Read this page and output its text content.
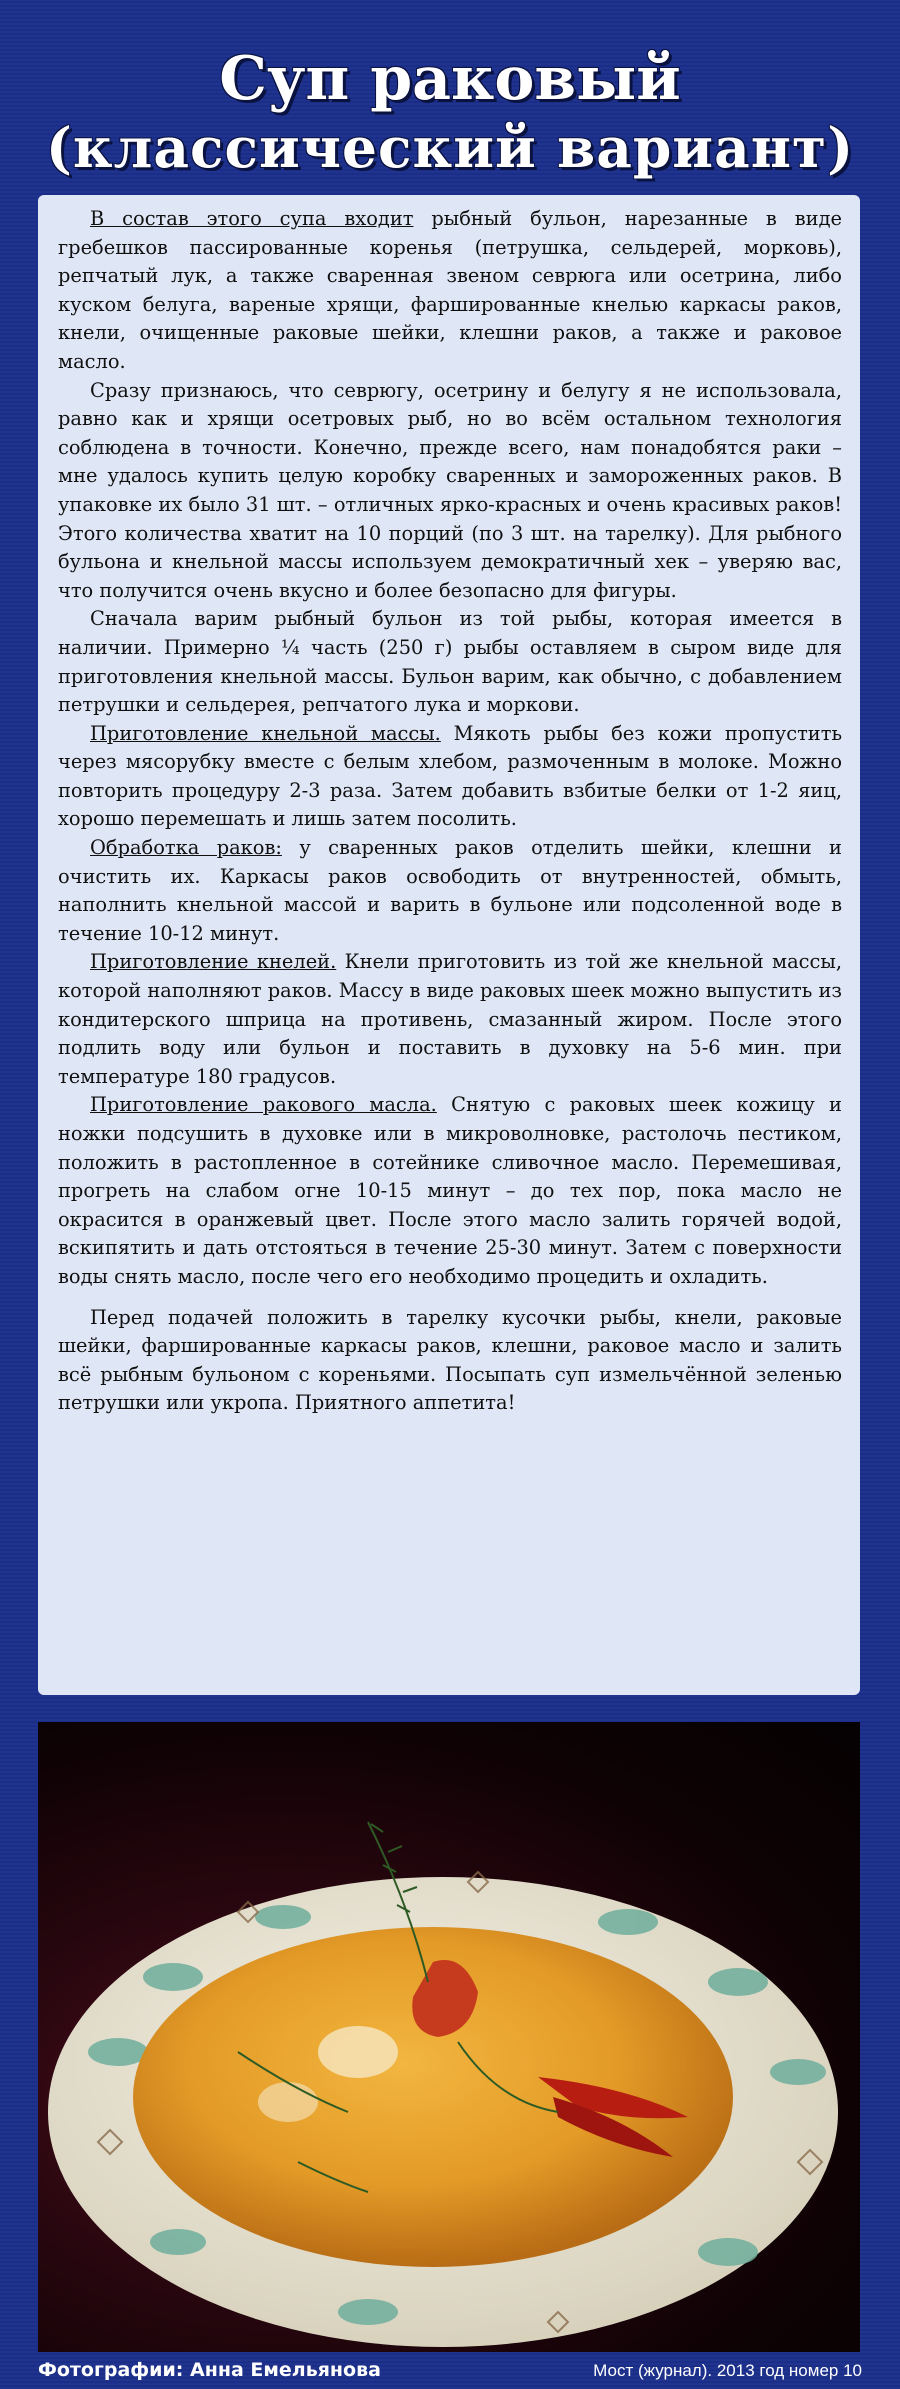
Суп раковый
(классический вариант)

В состав этого супа входит рыбный бульон, нарезанные в виде гребешков пассированные коренья (петрушка, сельдерей, морковь), репчатый лук, а также сваренная звеном севрюга или осетрина, либо куском белуга, вареные хрящи, фаршированные кнелью каркасы раков, кнели, очищенные раковые шейки, клешни раков, а также и раковое масло.

Сразу признаюсь, что севрюгу, осетрину и белугу я не использовала, равно как и хрящи осетровых рыб, но во всём остальном технология соблюдена в точности. Конечно, прежде всего, нам понадобятся раки – мне удалось купить целую коробку сваренных и замороженных раков. В упаковке их было 31 шт. – отличных ярко-красных и очень красивых раков! Этого количества хватит на 10 порций (по 3 шт. на тарелку). Для рыбного бульона и кнельной массы используем демократичный хек – уверяю вас, что получится очень вкусно и более безопасно для фигуры.

Сначала варим рыбный бульон из той рыбы, которая имеется в наличии. Примерно ¼ часть (250 г) рыбы оставляем в сыром виде для приготовления кнельной массы. Бульон варим, как обычно, с добавлением петрушки и сельдерея, репчатого лука и моркови.

Приготовление кнельной массы. Мякоть рыбы без кожи пропустить через мясорубку вместе с белым хлебом, размоченным в молоке. Можно повторить процедуру 2-3 раза. Затем добавить взбитые белки от 1-2 яиц, хорошо перемешать и лишь затем посолить.

Обработка раков: у сваренных раков отделить шейки, клешни и очистить их. Каркасы раков освободить от внутренностей, обмыть, наполнить кнельной массой и варить в бульоне или подсоленной воде в течение 10-12 минут.

Приготовление кнелей. Кнели приготовить из той же кнельной массы, которой наполняют раков. Массу в виде раковых шеек можно выпустить из кондитерского шприца на противень, смазанный жиром. После этого подлить воду или бульон и поставить в духовку на 5-6 мин. при температуре 180 градусов.

Приготовление ракового масла. Снятую с раковых шеек кожицу и ножки подсушить в духовке или в микроволновке, растолочь пестиком, положить в растопленное в сотейнике сливочное масло. Перемешивая, прогреть на слабом огне 10-15 минут – до тех пор, пока масло не окрасится в оранжевый цвет. После этого масло залить горячей водой, вскипятить и дать отстояться в течение 25-30 минут. Затем с поверхности воды снять масло, после чего его необходимо процедить и охладить.

Перед подачей положить в тарелку кусочки рыбы, кнели, раковые шейки, фаршированные каркасы раков, клешни, раковое масло и залить всё рыбным бульоном с кореньями. Посыпать суп измельчённой зеленью петрушки или укропа. Приятного аппетита!

Фотографии: Анна Емельянова	Мост (журнал). 2013 год номер 10
